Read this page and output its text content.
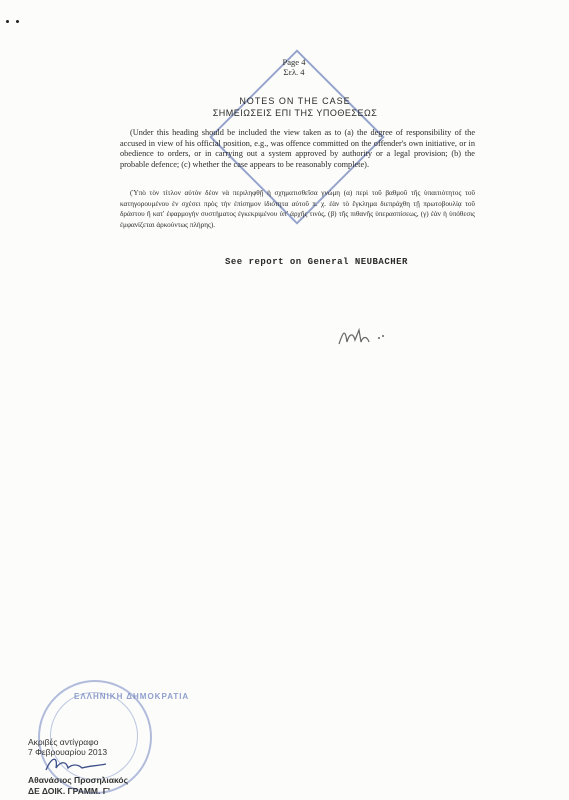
Page 4
Σελ. 4
NOTES ON THE CASE
ΣΗΜΕΙΩΣΕΙΣ ΕΠΙ ΤΗΣ ΥΠΟΘΕΣΕΩΣ
(Under this heading should be included the view taken as to (a) the degree of responsibility of the accused in view of his official position, e.g., was offence committed on the offender's own initiative, or in obedience to orders, or in carrying out a system approved by authority or a legal provision; (b) the probable defence; (c) whether the case appears to be reasonably complete).
(Ὑπὸ τὸν τίτλον αὐτὸν δέον νὰ περιληφθῇ ἡ σχηματισθεῖσα γνώμη (α) περὶ τοῦ βαθμοῦ τῆς ὑπαιτιότητος τοῦ κατηγορουμένου ἐν σχέσει πρὸς τὴν ἐπίσημον ἰδιότητα αὐτοῦ π. χ. ἐὰν τὸ ἔγκλημα διεπράχθη τῇ πρωτοβουλίᾳ τοῦ δράστου ἢ κατ' ἐφαρμογὴν συστήματος ἐγκεκριμένου ὑπ' ἀρχῆς τινός, (β) τῆς πιθανῆς ὑπερασπίσεως, (γ) ἐὰν ἡ ὑπόθεσις ἐμφανίζεται ἀρκούντως πλήρης).
See report on General NEUBACHER
ΕΛΛΗΝΙΚΗ ΔΗΜΟΚΡΑΤΙΑ
Ακριβές αντίγραφο
7 Φεβρουαρίου 2013
Αθανάσιος Προσηλιακός
ΔΕ ΔΟΙΚ. ΓΡΑΜΜ. Γ'
